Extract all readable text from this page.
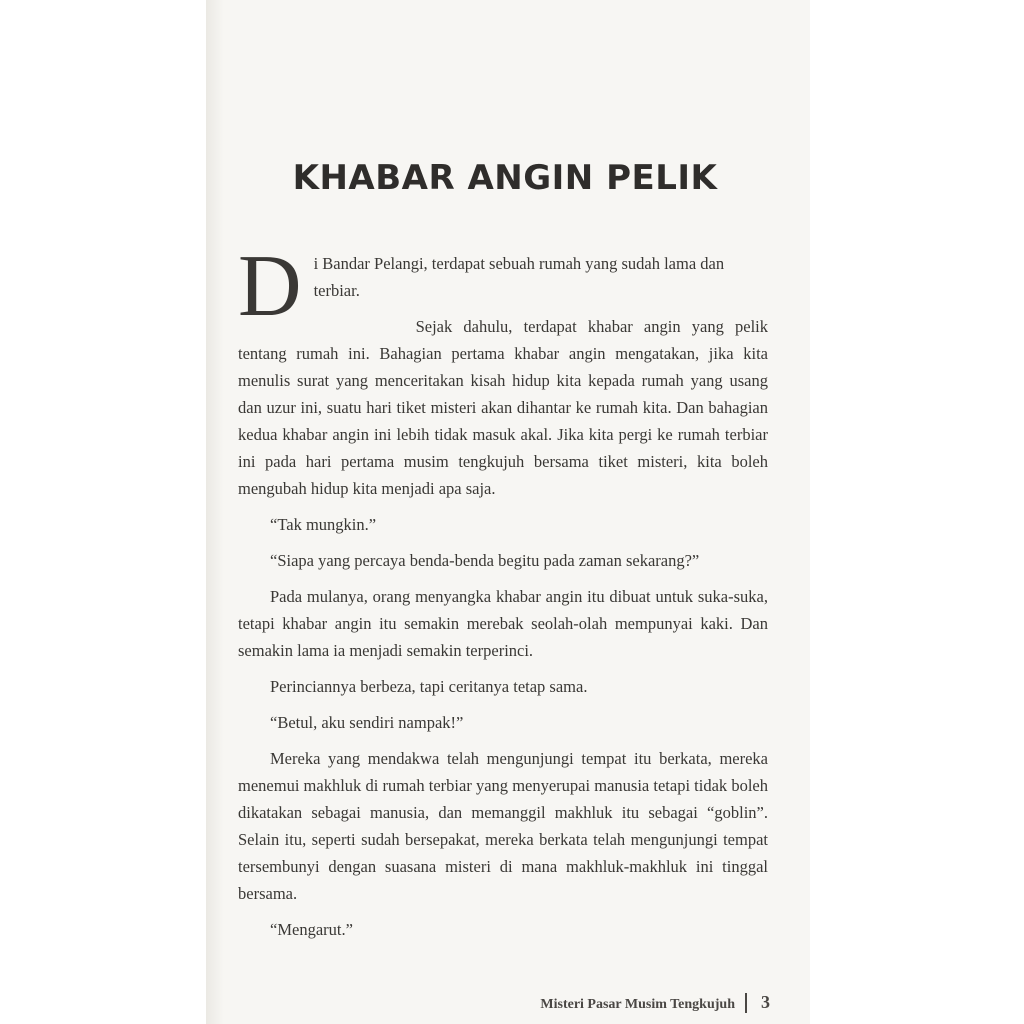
KHABAR ANGIN PELIK

D i Bandar Pelangi, terdapat sebuah rumah yang sudah lama dan terbiar.

Sejak dahulu, terdapat khabar angin yang pelik tentang rumah ini. Bahagian pertama khabar angin mengatakan, jika kita menulis surat yang menceritakan kisah hidup kita kepada rumah yang usang dan uzur ini, suatu hari tiket misteri akan dihantar ke rumah kita. Dan bahagian kedua khabar angin ini lebih tidak masuk akal. Jika kita pergi ke rumah terbiar ini pada hari pertama musim tengkujuh bersama tiket misteri, kita boleh mengubah hidup kita menjadi apa saja.

“Tak mungkin.”

“Siapa yang percaya benda-benda begitu pada zaman sekarang?”

Pada mulanya, orang menyangka khabar angin itu dibuat untuk suka-suka, tetapi khabar angin itu semakin merebak seolah-olah mempunyai kaki. Dan semakin lama ia menjadi semakin terperinci.

Perinciannya berbeza, tapi ceritanya tetap sama.

“Betul, aku sendiri nampak!”

Mereka yang mendakwa telah mengunjungi tempat itu berkata, mereka menemui makhluk di rumah terbiar yang menyerupai manusia tetapi tidak boleh dikatakan sebagai manusia, dan memanggil makhluk itu sebagai “goblin”. Selain itu, seperti sudah bersepakat, mereka berkata telah mengunjungi tempat tersembunyi dengan suasana misteri di mana makhluk-makhluk ini tinggal bersama.

“Mengarut.”

Misteri Pasar Musim Tengkujuh 3
